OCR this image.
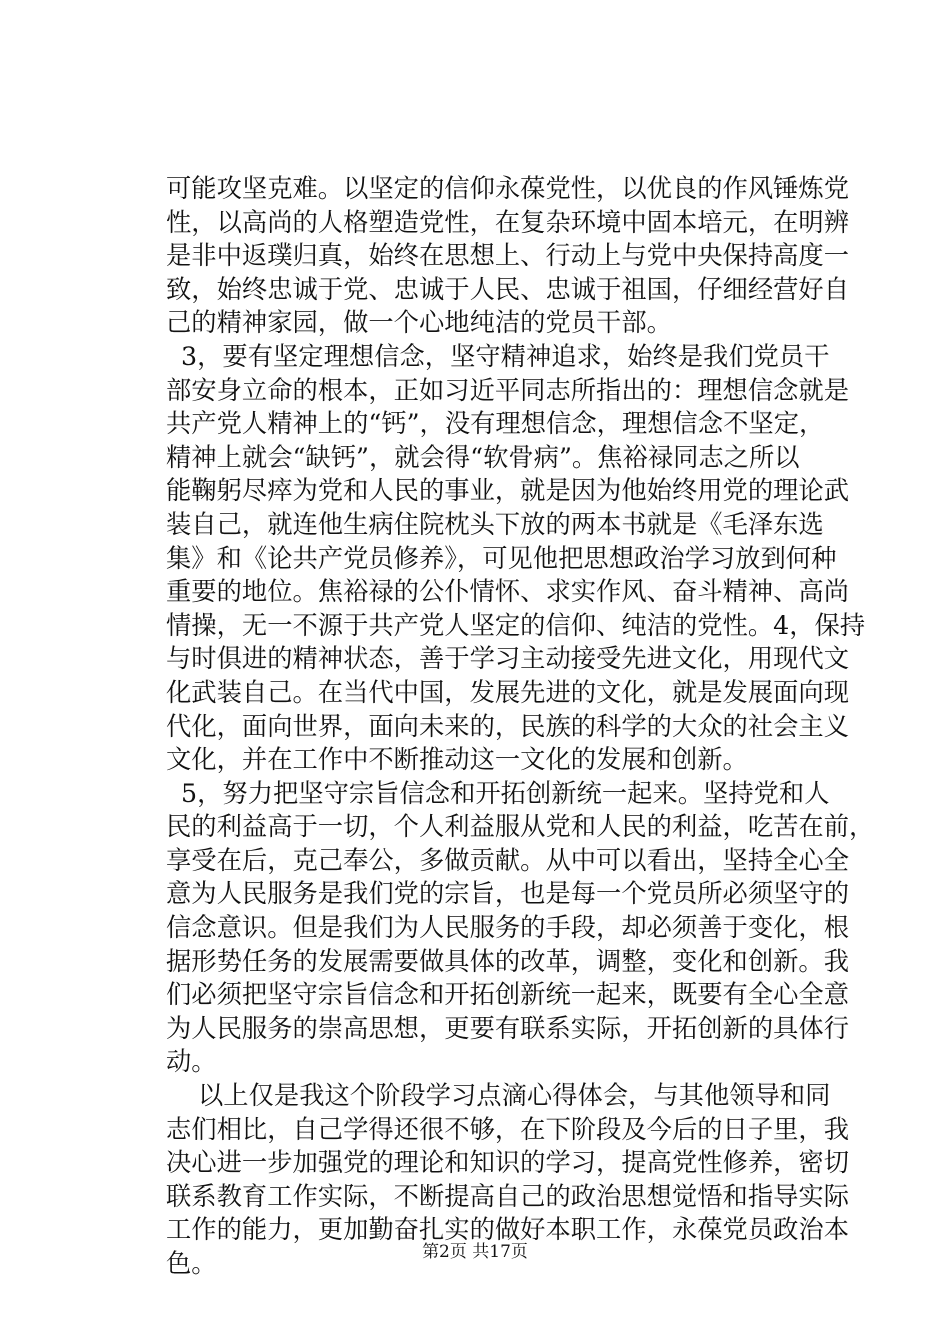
可能攻坚克难。以坚定的信仰永葆党性，以优良的作风锤炼党
性，以高尚的人格塑造党性，在复杂环境中固本培元，在明辨
是非中返璞归真，始终在思想上、行动上与党中央保持高度一
致，始终忠诚于党、忠诚于人民、忠诚于祖国，仔细经营好自
己的精神家园，做一个心地纯洁的党员干部。
3，要有坚定理想信念，坚守精神追求，始终是我们党员干
部安身立命的根本，正如习近平同志所指出的：理想信念就是
共产党人精神上的“钙”，没有理想信念，理想信念不坚定，
精神上就会“缺钙”，就会得“软骨病”。焦裕禄同志之所以
能鞠躬尽瘁为党和人民的事业，就是因为他始终用党的理论武
装自己，就连他生病住院枕头下放的两本书就是《毛泽东选
集》和《论共产党员修养》，可见他把思想政治学习放到何种
重要的地位。焦裕禄的公仆情怀、求实作风、奋斗精神、高尚
情操，无一不源于共产党人坚定的信仰、纯洁的党性。4，保持
与时俱进的精神状态，善于学习主动接受先进文化，用现代文
化武装自己。在当代中国，发展先进的文化，就是发展面向现
代化，面向世界，面向未来的，民族的科学的大众的社会主义
文化，并在工作中不断推动这一文化的发展和创新。
5，努力把坚守宗旨信念和开拓创新统一起来。坚持党和人
民的利益高于一切，个人利益服从党和人民的利益，吃苦在前，
享受在后，克己奉公，多做贡献。从中可以看出，坚持全心全
意为人民服务是我们党的宗旨，也是每一个党员所必须坚守的
信念意识。但是我们为人民服务的手段，却必须善于变化，根
据形势任务的发展需要做具体的改革，调整，变化和创新。我
们必须把坚守宗旨信念和开拓创新统一起来，既要有全心全意
为人民服务的崇高思想，更要有联系实际，开拓创新的具体行
动。
以上仅是我这个阶段学习点滴心得体会，与其他领导和同
志们相比，自己学得还很不够，在下阶段及今后的日子里，我
决心进一步加强党的理论和知识的学习，提高党性修养，密切
联系教育工作实际，不断提高自己的政治思想觉悟和指导实际
工作的能力，更加勤奋扎实的做好本职工作，永葆党员政治本
色。	第2页 共17页
